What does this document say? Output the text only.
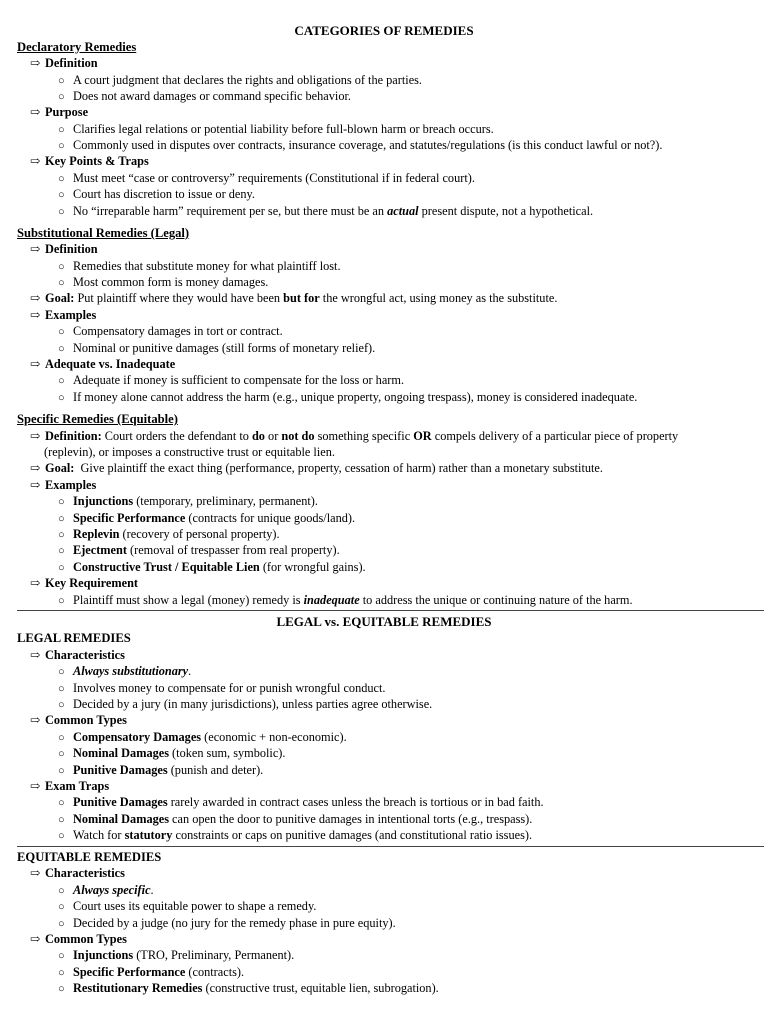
CATEGORIES OF REMEDIES
Declaratory Remedies
⇨ Definition
○ A court judgment that declares the rights and obligations of the parties.
○ Does not award damages or command specific behavior.
⇨ Purpose
○ Clarifies legal relations or potential liability before full-blown harm or breach occurs.
○ Commonly used in disputes over contracts, insurance coverage, and statutes/regulations (is this conduct lawful or not?).
⇨ Key Points & Traps
○ Must meet “case or controversy” requirements (Constitutional if in federal court).
○ Court has discretion to issue or deny.
○ No “irreparable harm” requirement per se, but there must be an actual present dispute, not a hypothetical.
Substitutional Remedies (Legal)
⇨ Definition
○ Remedies that substitute money for what plaintiff lost.
○ Most common form is money damages.
⇨ Goal: Put plaintiff where they would have been but for the wrongful act, using money as the substitute.
⇨ Examples
○ Compensatory damages in tort or contract.
○ Nominal or punitive damages (still forms of monetary relief).
⇨ Adequate vs. Inadequate
○ Adequate if money is sufficient to compensate for the loss or harm.
○ If money alone cannot address the harm (e.g., unique property, ongoing trespass), money is considered inadequate.
Specific Remedies (Equitable)
⇨ Definition: Court orders the defendant to do or not do something specific OR compels delivery of a particular piece of property
(replevin), or imposes a constructive trust or equitable lien.
⇨ Goal:  Give plaintiff the exact thing (performance, property, cessation of harm) rather than a monetary substitute.
⇨ Examples
○ Injunctions (temporary, preliminary, permanent).
○ Specific Performance (contracts for unique goods/land).
○ Replevin (recovery of personal property).
○ Ejectment (removal of trespasser from real property).
○ Constructive Trust / Equitable Lien (for wrongful gains).
⇨ Key Requirement
○ Plaintiff must show a legal (money) remedy is inadequate to address the unique or continuing nature of the harm.
LEGAL vs. EQUITABLE REMEDIES
LEGAL REMEDIES
⇨ Characteristics
○ Always substitutionary.
○ Involves money to compensate for or punish wrongful conduct.
○ Decided by a jury (in many jurisdictions), unless parties agree otherwise.
⇨ Common Types
○ Compensatory Damages (economic + non-economic).
○ Nominal Damages (token sum, symbolic).
○ Punitive Damages (punish and deter).
⇨ Exam Traps
○ Punitive Damages rarely awarded in contract cases unless the breach is tortious or in bad faith.
○ Nominal Damages can open the door to punitive damages in intentional torts (e.g., trespass).
○ Watch for statutory constraints or caps on punitive damages (and constitutional ratio issues).
EQUITABLE REMEDIES
⇨ Characteristics
○ Always specific.
○ Court uses its equitable power to shape a remedy.
○ Decided by a judge (no jury for the remedy phase in pure equity).
⇨ Common Types
○ Injunctions (TRO, Preliminary, Permanent).
○ Specific Performance (contracts).
○ Restitutionary Remedies (constructive trust, equitable lien, subrogation).
